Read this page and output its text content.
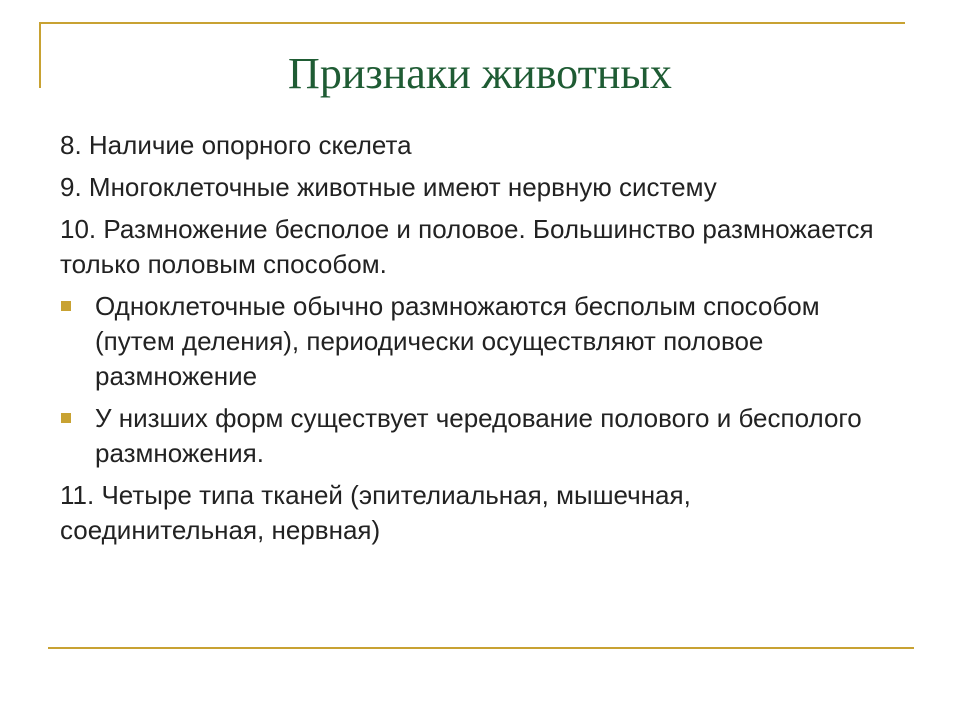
Признаки животных

8. Наличие опорного скелета

9. Многоклеточные животные имеют нервную систему

10. Размножение бесполое и половое. Большинство размножается только половым способом.

Одноклеточные обычно размножаются бесполым способом (путем деления), периодически осуществляют половое размножение
У низших форм существует чередование полового и бесполого размножения.

11. Четыре типа тканей (эпителиальная, мышечная, соединительная, нервная)
